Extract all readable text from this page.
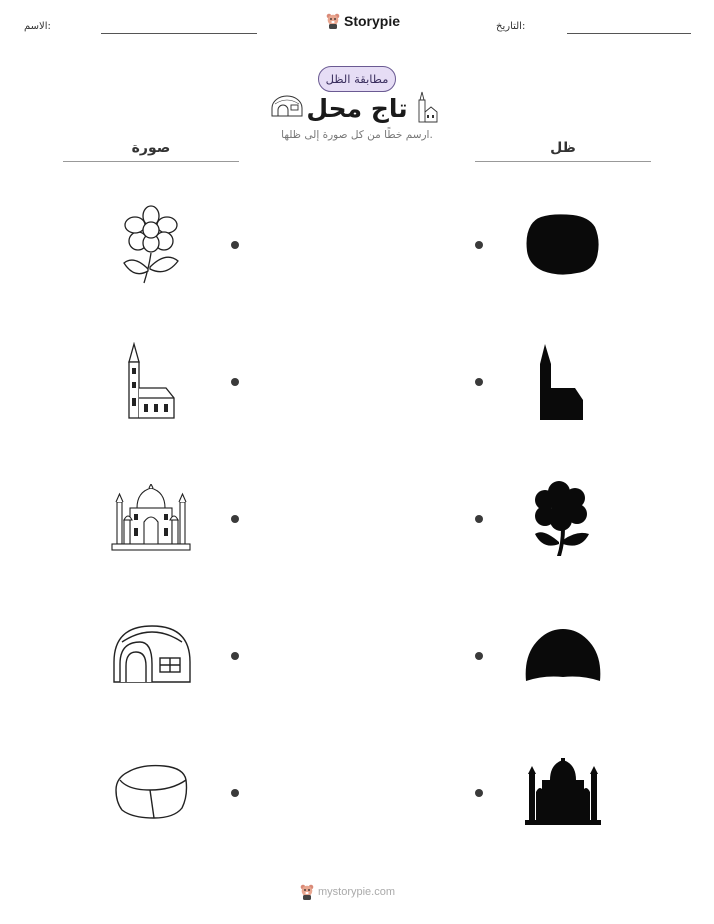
الاسم:	Storypie	التاريخ:
مطابقة الظل
تاج محل
ارسم خطًا من كل صورة إلى ظلها.
صورة	ظل
mystorypie.com
